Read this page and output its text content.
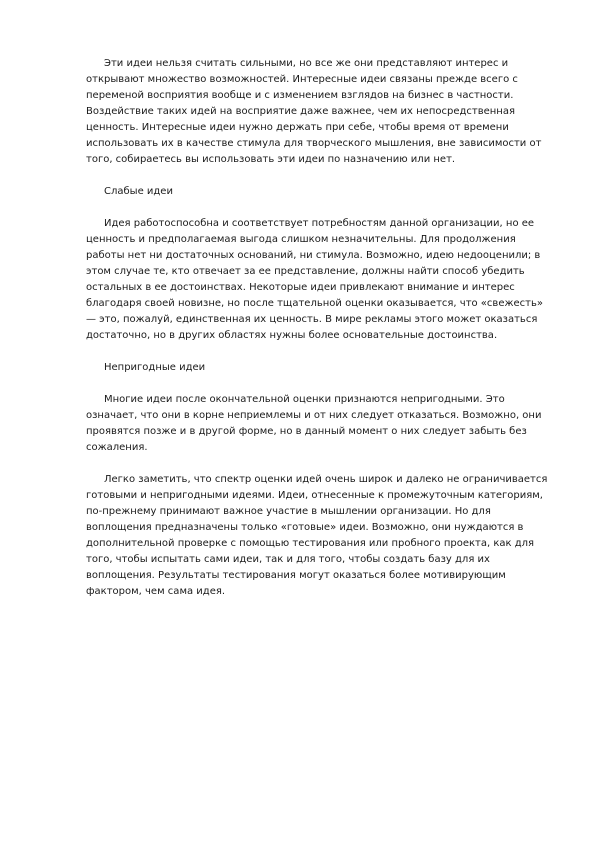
Эти идеи нельзя считать сильными, но все же они представляют интерес и открывают множество возможностей. Интересные идеи связаны прежде всего с переменой восприятия вообще и с изменением взглядов на бизнес в частности. Воздействие таких идей на восприятие даже важнее, чем их непосредственная ценность. Интересные идеи нужно держать при себе, чтобы время от времени использовать их в качестве стимула для творческого мышления, вне зависимости от того, собираетесь вы использовать эти идеи по назначению или нет.

Слабые идеи

Идея работоспособна и соответствует потребностям данной организации, но ее ценность и предполагаемая выгода слишком незначительны. Для продолжения работы нет ни достаточных оснований, ни стимула. Возможно, идею недооценили; в этом случае те, кто отвечает за ее представление, должны найти способ убедить остальных в ее достоинствах. Некоторые идеи привлекают внимание и интерес благодаря своей новизне, но после тщательной оценки оказывается, что «свежесть» — это, пожалуй, единственная их ценность. В мире рекламы этого может оказаться достаточно, но в других областях нужны более основательные достоинства.

Непригодные идеи

Многие идеи после окончательной оценки признаются непригодными. Это означает, что они в корне неприемлемы и от них следует отказаться. Возможно, они проявятся позже и в другой форме, но в данный момент о них следует забыть без сожаления.

Легко заметить, что спектр оценки идей очень широк и далеко не ограничивается готовыми и непригодными идеями. Идеи, отнесенные к промежуточным категориям, по-прежнему принимают важное участие в мышлении организации. Но для воплощения предназначены только «готовые» идеи. Возможно, они нуждаются в дополнительной проверке с помощью тестирования или пробного проекта, как для того, чтобы испытать сами идеи, так и для того, чтобы создать базу для их воплощения. Результаты тестирования могут оказаться более мотивирующим фактором, чем сама идея.
